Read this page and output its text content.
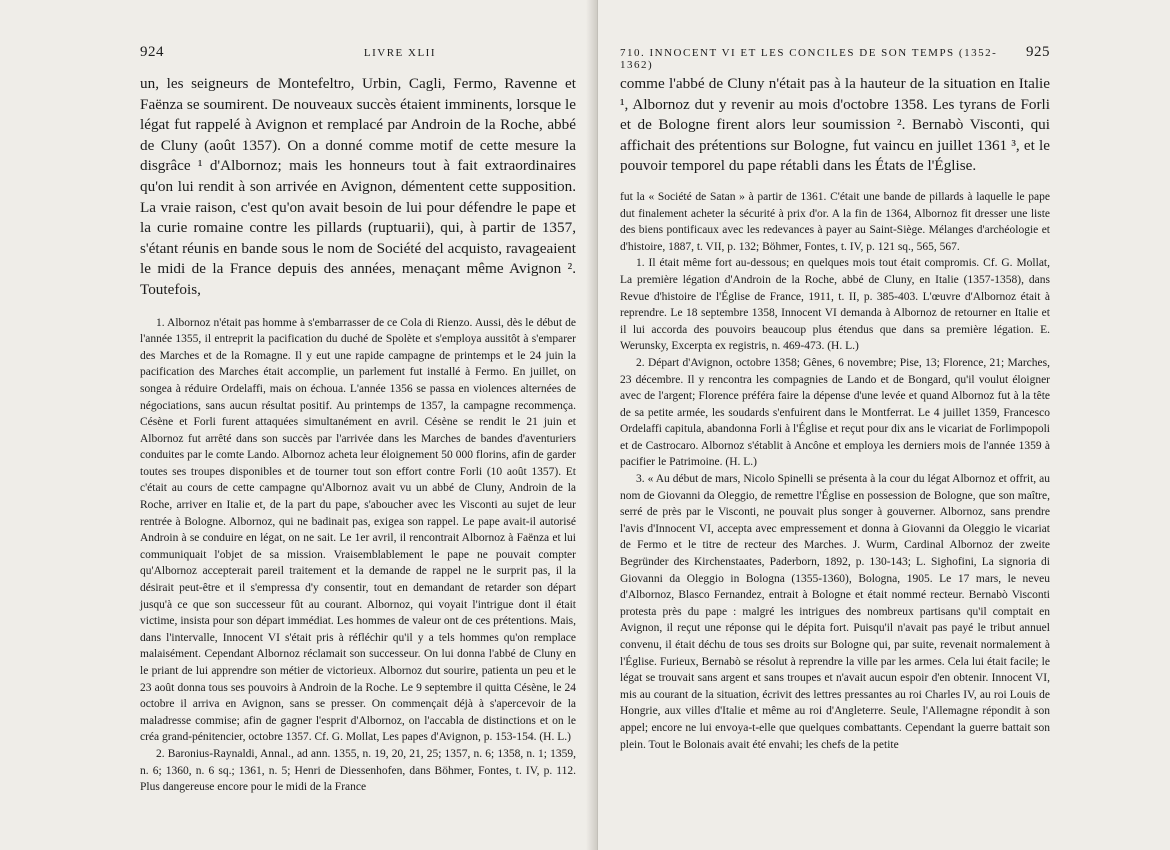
924	LIVRE XLII

un, les seigneurs de Montefeltro, Urbin, Cagli, Fermo, Ravenne et Faënza se soumirent. De nouveaux succès étaient imminents, lorsque le légat fut rappelé à Avignon et remplacé par Androin de la Roche, abbé de Cluny (août 1357). On a donné comme motif de cette mesure la disgrâce ¹ d'Albornoz; mais les honneurs tout à fait extraordinaires qu'on lui rendit à son arrivée en Avignon, démentent cette supposition. La vraie raison, c'est qu'on avait besoin de lui pour défendre le pape et la curie romaine contre les pillards (ruptuarii), qui, à partir de 1357, s'étant réunis en bande sous le nom de Société del acquisto, ravageaient le midi de la France depuis des années, menaçant même Avignon ². Toutefois,

1. Albornoz n'était pas homme à s'embarrasser de ce Cola di Rienzo. Aussi, dès le début de l'année 1355, il entreprit la pacification du duché de Spolète et s'employa aussitôt à s'emparer des Marches et de la Romagne. Il y eut une rapide campagne de printemps et le 24 juin la pacification des Marches était accomplie, un parlement fut installé à Fermo. En juillet, on songea à réduire Ordelaffi, mais on échoua. L'année 1356 se passa en violences alternées de négociations, sans aucun résultat positif. Au printemps de 1357, la campagne recommença. Césène et Forli furent attaquées simultanément en avril. Césène se rendit le 21 juin et Albornoz fut arrêté dans son succès par l'arrivée dans les Marches de bandes d'aventuriers conduites par le comte Lando. Albornoz acheta leur éloignement 50 000 florins, afin de garder toutes ses troupes disponibles et de tourner tout son effort contre Forli (10 août 1357). Et c'était au cours de cette campagne qu'Albornoz avait vu un abbé de Cluny, Androin de la Roche, arriver en Italie et, de la part du pape, s'aboucher avec les Visconti au sujet de leur rentrée à Bologne. Albornoz, qui ne badinait pas, exigea son rappel. Le pape avait-il autorisé Androin à se conduire en légat, on ne sait. Le 1er avril, il rencontrait Albornoz à Faënza et lui communiquait l'objet de sa mission. Vraisemblablement le pape ne pouvait compter qu'Albornoz accepterait pareil traitement et la demande de rappel ne le surprit pas, il la désirait peut-être et il s'empressa d'y consentir, tout en demandant de retarder son départ jusqu'à ce que son successeur fût au courant. Albornoz, qui voyait l'intrigue dont il était victime, insista pour son départ immédiat. Les hommes de valeur ont de ces prétentions. Mais, dans l'intervalle, Innocent VI s'était pris à réfléchir qu'il y a tels hommes qu'on remplace malaisément. Cependant Albornoz réclamait son successeur. On lui donna l'abbé de Cluny en le priant de lui apprendre son métier de victorieux. Albornoz dut sourire, patienta un peu et le 23 août donna tous ses pouvoirs à Androin de la Roche. Le 9 septembre il quitta Césène, le 24 octobre il arriva en Avignon, sans se presser. On commençait déjà à s'apercevoir de la maladresse commise; afin de gagner l'esprit d'Albornoz, on l'accabla de distinctions et on le créa grand-pénitencier, octobre 1357. Cf. G. Mollat, Les papes d'Avignon, p. 153-154. (H. L.)

2. Baronius-Raynaldi, Annal., ad ann. 1355, n. 19, 20, 21, 25; 1357, n. 6; 1358, n. 1; 1359, n. 6; 1360, n. 6 sq.; 1361, n. 5; Henri de Diessenhofen, dans Böhmer, Fontes, t. IV, p. 112. Plus dangereuse encore pour le midi de la France

710. INNOCENT VI ET LES CONCILES DE SON TEMPS (1352-1362)
925

comme l'abbé de Cluny n'était pas à la hauteur de la situation en Italie ¹, Albornoz dut y revenir au mois d'octobre 1358. Les tyrans de Forli et de Bologne firent alors leur soumission ². Bernabò Visconti, qui affichait des prétentions sur Bologne, fut vaincu en juillet 1361 ³, et le pouvoir temporel du pape rétabli dans les États de l'Église.

fut la « Société de Satan » à partir de 1361. C'était une bande de pillards à laquelle le pape dut finalement acheter la sécurité à prix d'or. A la fin de 1364, Albornoz fit dresser une liste des biens pontificaux avec les redevances à payer au Saint-Siège. Mélanges d'archéologie et d'histoire, 1887, t. VII, p. 132; Böhmer, Fontes, t. IV, p. 121 sq., 565, 567.

1. Il était même fort au-dessous; en quelques mois tout était compromis. Cf. G. Mollat, La première légation d'Androin de la Roche, abbé de Cluny, en Italie (1357-1358), dans Revue d'histoire de l'Église de France, 1911, t. II, p. 385-403. L'œuvre d'Albornoz était à reprendre. Le 18 septembre 1358, Innocent VI demanda à Albornoz de retourner en Italie et il lui accorda des pouvoirs beaucoup plus étendus que dans sa première légation. E. Werunsky, Excerpta ex registris, n. 469-473. (H. L.)

2. Départ d'Avignon, octobre 1358; Gênes, 6 novembre; Pise, 13; Florence, 21; Marches, 23 décembre. Il y rencontra les compagnies de Lando et de Bongard, qu'il voulut éloigner avec de l'argent; Florence préféra faire la dépense d'une levée et quand Albornoz fut à la tête de sa petite armée, les soudards s'enfuirent dans le Montferrat. Le 4 juillet 1359, Francesco Ordelaffi capitula, abandonna Forli à l'Église et reçut pour dix ans le vicariat de Forlimpopoli et de Castrocaro. Albornoz s'établit à Ancône et employa les derniers mois de l'année 1359 à pacifier le Patrimoine. (H. L.)

3. « Au début de mars, Nicolo Spinelli se présenta à la cour du légat Albornoz et offrit, au nom de Giovanni da Oleggio, de remettre l'Église en possession de Bologne, que son maître, serré de près par le Visconti, ne pouvait plus songer à gouverner. Albornoz, sans prendre l'avis d'Innocent VI, accepta avec empressement et donna à Giovanni da Oleggio le vicariat de Fermo et le titre de recteur des Marches. J. Wurm, Cardinal Albornoz der zweite Begründer des Kirchenstaates, Paderborn, 1892, p. 130-143; L. Sighofini, La signoria di Giovanni da Oleggio in Bologna (1355-1360), Bologna, 1905. Le 17 mars, le neveu d'Albornoz, Blasco Fernandez, entrait à Bologne et était nommé recteur. Bernabò Visconti protesta près du pape : malgré les intrigues des nombreux partisans qu'il comptait en Avignon, il reçut une réponse qui le dépita fort. Puisqu'il n'avait pas payé le tribut annuel convenu, il était déchu de tous ses droits sur Bologne qui, par suite, revenait normalement à l'Église. Furieux, Bernabò se résolut à reprendre la ville par les armes. Cela lui était facile; le légat se trouvait sans argent et sans troupes et n'avait aucun espoir d'en obtenir. Innocent VI, mis au courant de la situation, écrivit des lettres pressantes au roi Charles IV, au roi Louis de Hongrie, aux villes d'Italie et même au roi d'Angleterre. Seule, l'Allemagne répondit à son appel; encore ne lui envoya-t-elle que quelques combattants. Cependant la guerre battait son plein. Tout le Bolonais avait été envahi; les chefs de la petite
